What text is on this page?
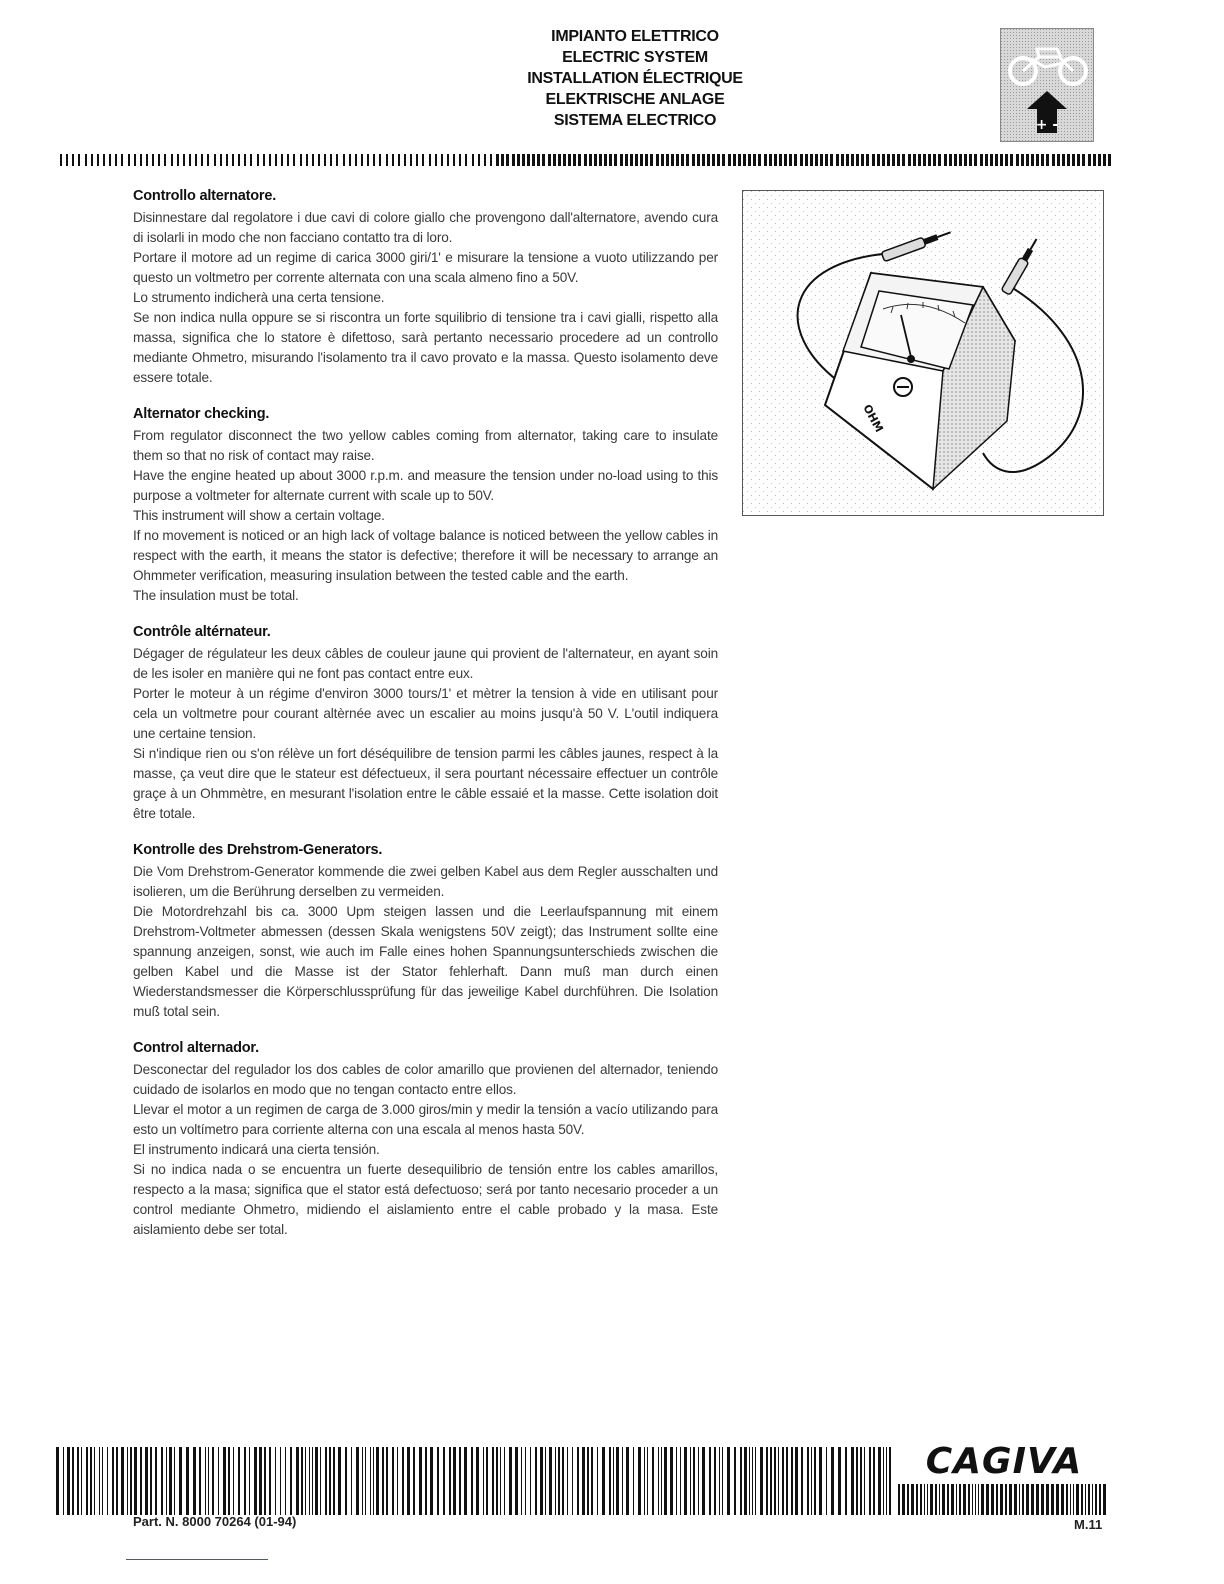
IMPIANTO ELETTRICO
ELECTRIC SYSTEM
INSTALLATION ÉLECTRIQUE
ELEKTRISCHE ANLAGE
SISTEMA ELECTRICO	+ -
Controllo alternatore.

Disinnestare dal regolatore i due cavi di colore giallo che provengono dall'alternatore, avendo cura di isolarli in modo che non facciano contatto tra di loro.

Portare il motore ad un regime di carica 3000 giri/1' e misurare la tensione a vuoto utilizzando per questo un voltmetro per corrente alternata con una scala almeno fino a 50V.

Lo strumento indicherà una certa tensione.

Se non indica nulla oppure se si riscontra un forte squilibrio di tensione tra i cavi gialli, rispetto alla massa, significa che lo statore è difettoso, sarà pertanto necessario procedere ad un controllo mediante Ohmetro, misurando l'isolamento tra il cavo provato e la massa. Questo isolamento deve essere totale.

Alternator checking.

From regulator disconnect the two yellow cables coming from alternator, taking care to insulate them so that no risk of contact may raise.

Have the engine heated up about 3000 r.p.m. and measure the tension under no-load using to this purpose a voltmeter for alternate current with scale up to 50V.

This instrument will show a certain voltage.

If no movement is noticed or an high lack of voltage balance is noticed between the yellow cables in respect with the earth, it means the stator is defective; therefore it will be necessary to arrange an Ohmmeter verification, measuring insulation between the tested cable and the earth.

The insulation must be total.

Contrôle altérnateur.

Dégager de régulateur les deux câbles de couleur jaune qui provient de l'alternateur, en ayant soin de les isoler en manière qui ne font pas contact entre eux.

Porter le moteur à un régime d'environ 3000 tours/1' et mètrer la tension à vide en utilisant pour cela un voltmetre pour courant altèrnée avec un escalier au moins jusqu'à 50 V. L'outil indiquera une certaine tension.

Si n'indique rien ou s'on rélève un fort déséquilibre de tension parmi les câbles jaunes, respect à la masse, ça veut dire que le stateur est défectueux, il sera pourtant nécessaire effectuer un contrôle graçe à un Ohmmètre, en mesurant l'isolation entre le câble essaié et la masse. Cette isolation doit être totale.

Kontrolle des Drehstrom-Generators.

Die Vom Drehstrom-Generator kommende die zwei gelben Kabel aus dem Regler ausschalten und isolieren, um die Berührung derselben zu vermeiden.

Die Motordrehzahl bis ca. 3000 Upm steigen lassen und die Leerlaufspannung mit einem Drehstrom-Voltmeter abmessen (dessen Skala wenigstens 50V zeigt); das Instrument sollte eine spannung anzeigen, sonst, wie auch im Falle eines hohen Spannungsunterschieds zwischen die gelben Kabel und die Masse ist der Stator fehlerhaft. Dann muß man durch einen Wiederstandsmesser die Körperschlussprüfung für das jeweilige Kabel durchführen. Die Isolation muß total sein.

Control alternador.

Desconectar del regulador los dos cables de color amarillo que provienen del alternador, teniendo cuidado de isolarlos en modo que no tengan contacto entre ellos.

Llevar el motor a un regimen de carga de 3.000 giros/min y medir la tensión a vacío utilizando para esto un voltímetro para corriente alterna con una escala al menos hasta 50V.

El instrumento indicará una cierta tensión.

Si no indica nada o se encuentra un fuerte desequilibrio de tensión entre los cables amarillos, respecto a la masa; significa que el stator está defectuoso; será por tanto necesario proceder a un control mediante Ohmetro, midiendo el aislamiento entre el cable probado y la masa. Este aislamiento debe ser total.

OHM
CAGIVA
Part. N. 8000 70264 (01-94)	M.11
